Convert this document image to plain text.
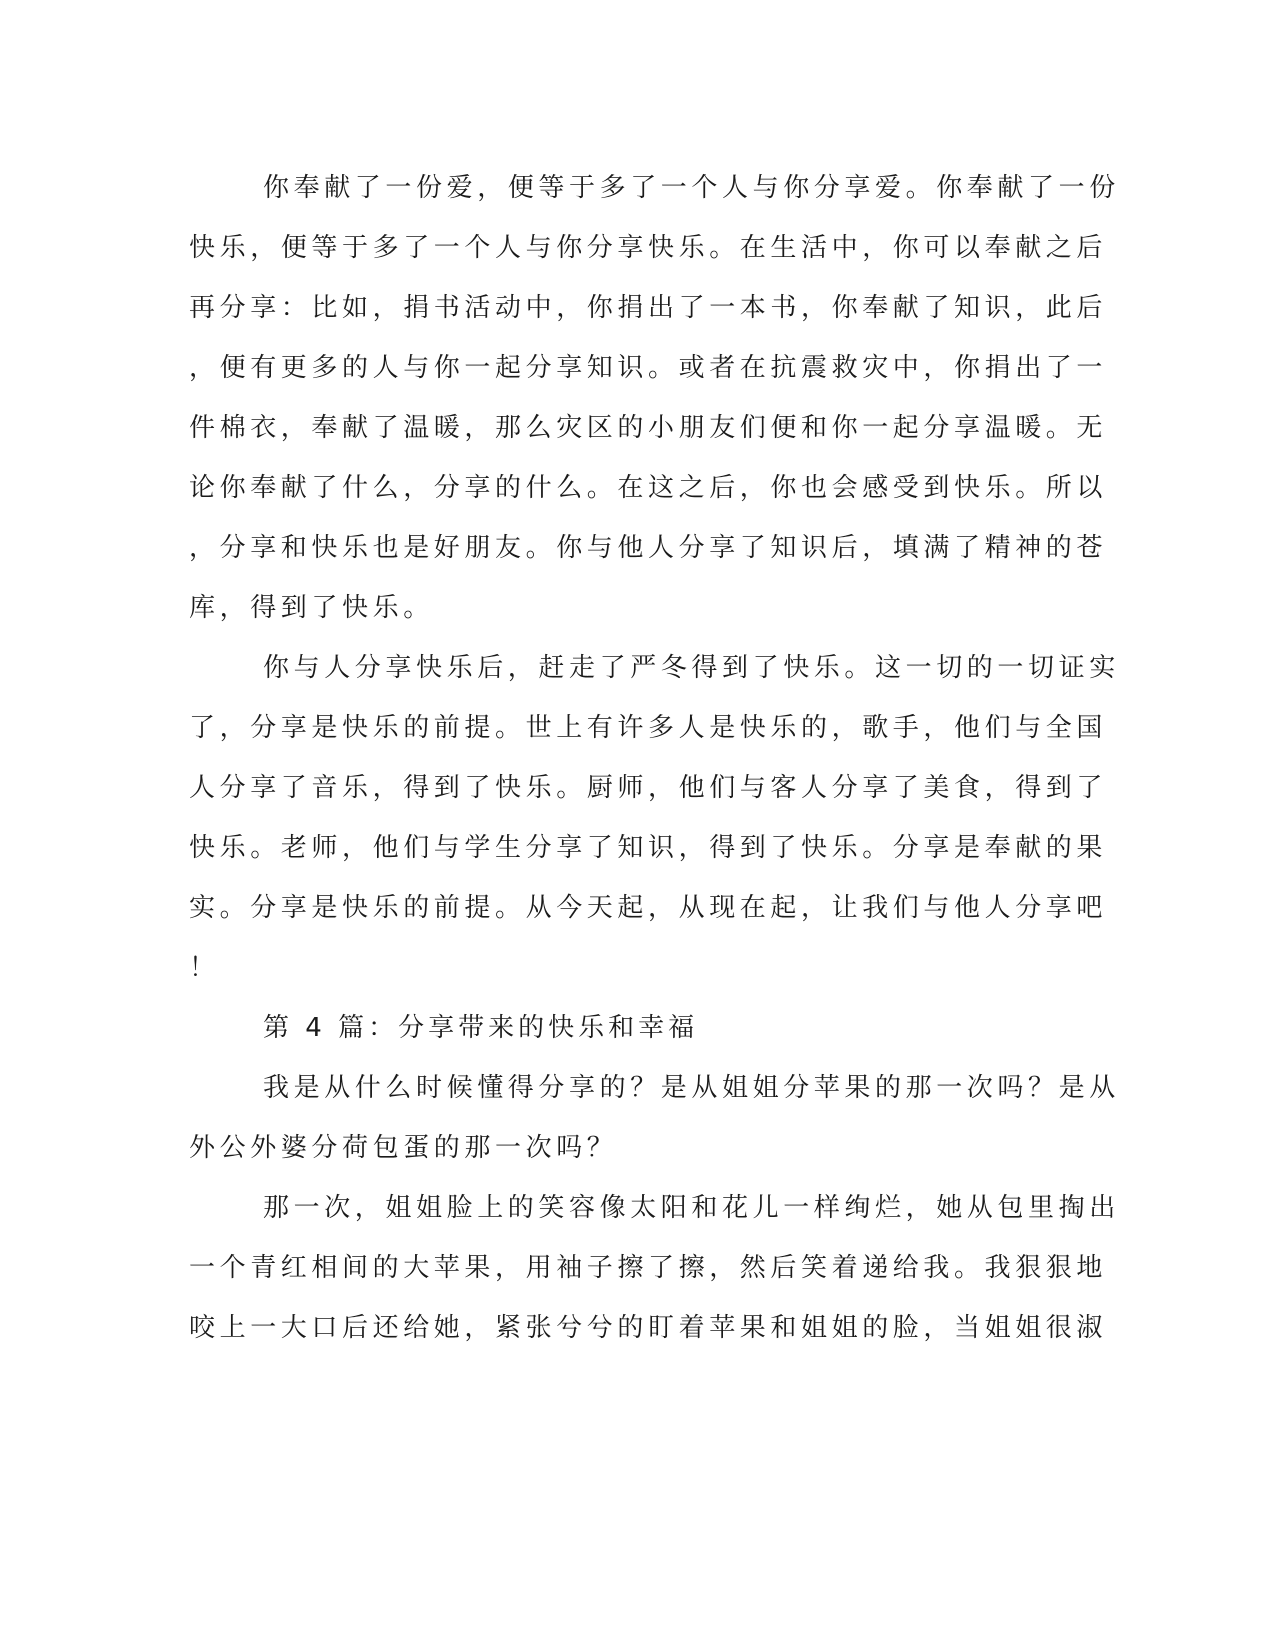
你奉献了一份爱，便等于多了一个人与你分享爱。你奉献了一份
快乐，便等于多了一个人与你分享快乐。在生活中，你可以奉献之后
再分享：比如，捐书活动中，你捐出了一本书，你奉献了知识，此后
，便有更多的人与你一起分享知识。或者在抗震救灾中，你捐出了一
件棉衣，奉献了温暖，那么灾区的小朋友们便和你一起分享温暖。无
论你奉献了什么，分享的什么。在这之后，你也会感受到快乐。所以
，分享和快乐也是好朋友。你与他人分享了知识后，填满了精神的苍
库，得到了快乐。
你与人分享快乐后，赶走了严冬得到了快乐。这一切的一切证实
了，分享是快乐的前提。世上有许多人是快乐的，歌手，他们与全国
人分享了音乐，得到了快乐。厨师，他们与客人分享了美食，得到了
快乐。老师，他们与学生分享了知识，得到了快乐。分享是奉献的果
实。分享是快乐的前提。从今天起，从现在起，让我们与他人分享吧
！
第 4 篇：分享带来的快乐和幸福
我是从什么时候懂得分享的？是从姐姐分苹果的那一次吗？是从
外公外婆分荷包蛋的那一次吗？
那一次，姐姐脸上的笑容像太阳和花儿一样绚烂，她从包里掏出
一个青红相间的大苹果，用袖子擦了擦，然后笑着递给我。我狠狠地
咬上一大口后还给她，紧张兮兮的盯着苹果和姐姐的脸，当姐姐很淑
